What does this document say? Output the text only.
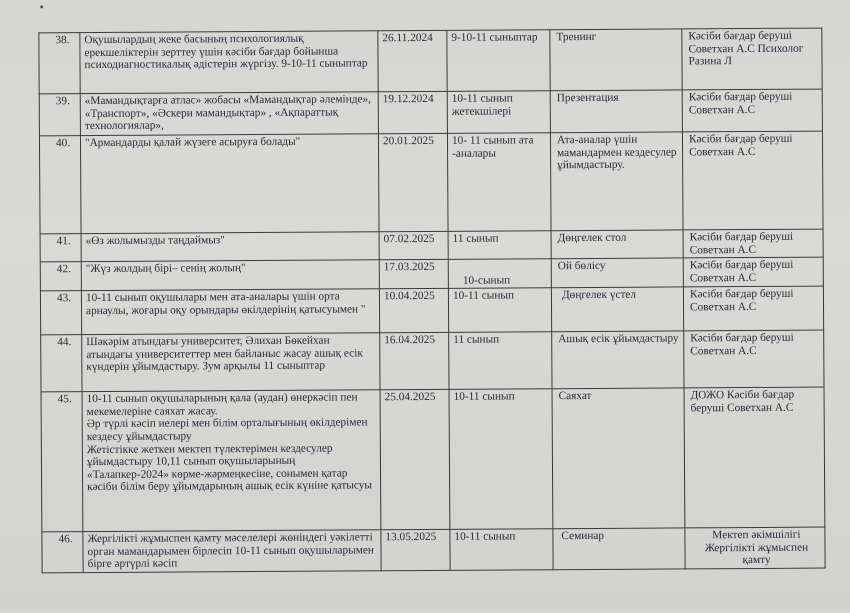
38.	Оқушылардың жеке басының психологиялық ерекшеліктерін зерттеу үшін кәсіби бағдар бойынша психодиагностикалық әдістерін жүргізу. 9-10-11 сыныптар	26.11.2024	9-10-11 сыныптар	Тренинг	Кәсіби бағдар беруші Советхан А.С Психолог Разина Л
39.	«Мамандықтарға атлас» жобасы «Мамандықтар әлемінде», «Транспорт», «Әскери мамандықтар» , «Ақпараттық технологиялар»,	19.12.2024	10-11 сынып жетекшілері	Презентация	Кәсіби бағдар беруші Советхан А.С
40.	"Армандарды қалай жүзеге асыруға болады"	20.01.2025	10- 11 сынып ата -аналары	Ата-аналар үшін мамандармен кездесулер ұйымдастыру.	Кәсіби бағдар беруші Советхан А.С
41.	«Өз жолымызды таңдаймыз"	07.02.2025	11 сынып	Дөңгелек стол	Кәсіби бағдар беруші Советхан А.С
42.	"Жүз жолдың бірі– сенің жолың"	17.03.2025	10-сынып	Ой бөлісу	Кәсіби бағдар беруші Советхан А.С
43.	10-11 сынып оқушылары мен ата-аналары үшін орта арнаулы, жоғары оқу орындары өкілдерінің қатысуымен "	10.04.2025	10-11 сынып	Дөңгелек үстел	Кәсіби бағдар беруші Советхан А.С
44.	Шәкәрім атындағы университет, Әлихан Бөкейхан атындағы университеттер мен байланыс жасау ашық есік күндерін ұйымдастыру. Зум арқылы 11 сыныптар	16.04.2025	11 сынып	Ашық есік ұйымдастыру	Кәсіби бағдар беруші Советхан А.С
45.	10-11 сынып оқушыларының қала (аудан) өнеркәсіп пен мекемелеріне саяхат жасау.
Әр түрлі кәсіп иелері мен білім орталығының өкілдерімен кездесу ұйымдастыру
Жетістікке жеткен мектеп түлектерімен кездесулер ұйымдастыру 10,11 сынып оқушыларының
«Талапкер-2024» көрме-жәрмеңкесіне, сонымен қатар кәсіби білім беру ұйымдарының ашық есік күніне қатысуы	25.04.2025	10-11 сынып	Саяхат	ДОЖО Кәсіби бағдар беруші Советхан А.С
46.	Жергілікті жұмыспен қамту мәселелері жөніндегі уәкілетті орган мамандарымен бірлесіп 10-11 сынып оқушыларымен бірге әртүрлі кәсіп	13.05.2025	10-11 сынып	Семинар	Мектеп әкімшілігі Жергілікті жұмыспен қамту
